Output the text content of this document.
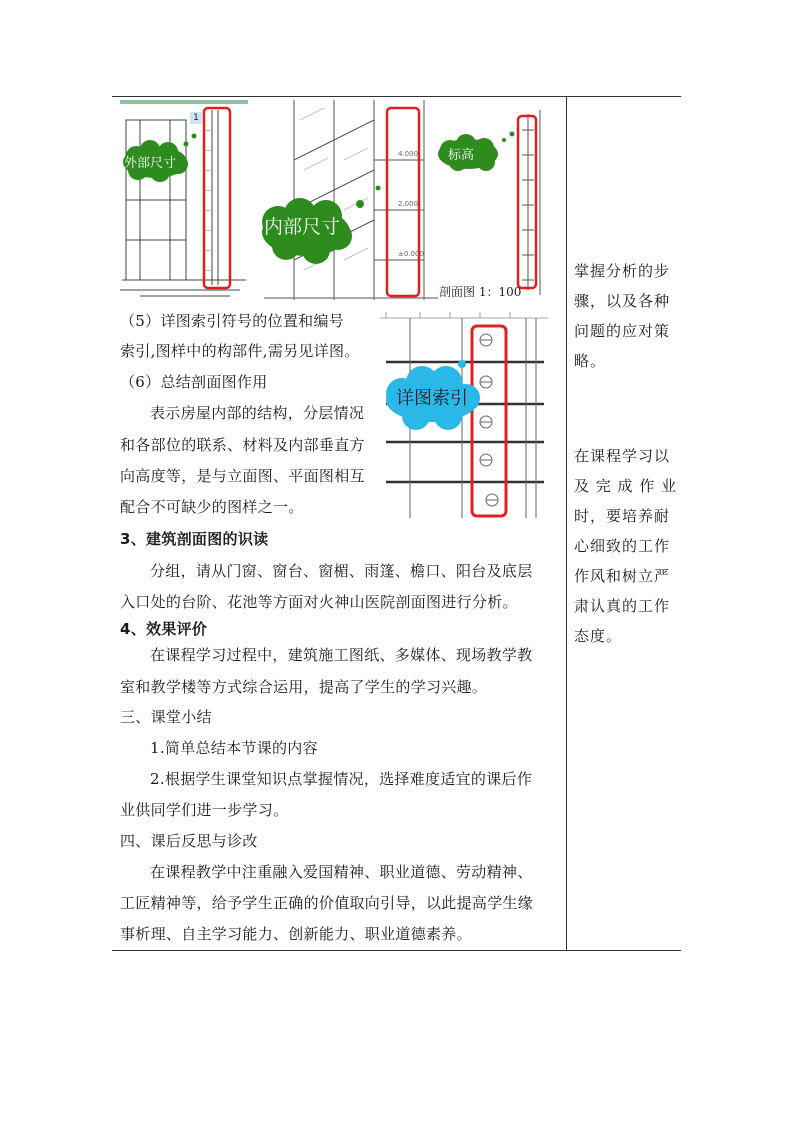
1
外部尺寸
4.000
2.000
±0.000
内部尺寸
标高
剖面图 1：100
详图索引
（5）详图索引符号的位置和编号
索引,图样中的构部件,需另见详图。
（6）总结剖面图作用
表示房屋内部的结构，分层情况
和各部位的联系、材料及内部垂直方
向高度等，是与立面图、平面图相互
配合不可缺少的图样之一。
3、建筑剖面图的识读
分组，请从门窗、窗台、窗楣、雨篷、檐口、阳台及底层
入口处的台阶、花池等方面对火神山医院剖面图进行分析。
4、效果评价
在课程学习过程中，建筑施工图纸、多媒体、现场教学教
室和教学楼等方式综合运用，提高了学生的学习兴趣。
三、课堂小结
1.简单总结本节课的内容
2.根据学生课堂知识点掌握情况，选择难度适宜的课后作
业供同学们进一步学习。
四、课后反思与诊改
在课程教学中注重融入爱国精神、职业道德、劳动精神、
工匠精神等，给予学生正确的价值取向引导，以此提高学生缘
事析理、自主学习能力、创新能力、职业道德素养。
掌握分析的步
骤，以及各种
问题的应对策
略。
在课程学习以
及 完 成 作 业
时，要培养耐
心细致的工作
作风和树立严
肃认真的工作
态度。
